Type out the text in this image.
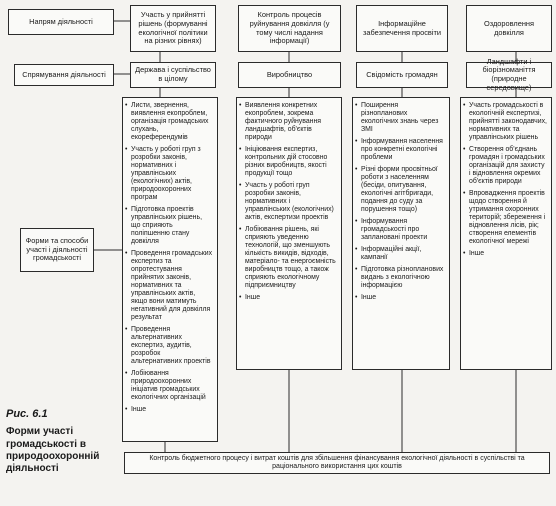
Напрям діяльності
Спрямування діяльності
Форми та способи участі і діяльності громадськості
Участь у прийнятті рішень (формуванні екологічної політики на різних рівнях)
Контроль процесів руйнування довкілля (у тому числі надання інформації)
Інформаційне забезпечення просвіти
Оздоровлення довкілля
Держава і суспільство в цілому	Виробництво	Свідомість громадян
Ландшафти і біорізноманіття (природне середовище)
• Листи, звернення, виявлення екопроблем, організація громадських слухань, екореферендумів
• Участь у роботі груп з розробки законів, нормативних і управлінських (екологічних) актів, природоохоронних програм
• Підготовка проектів управлінських рішень, що сприяють поліпшенню стану довкілля
• Проведення громадських експертиз та опротестування прийнятих законів, нормативних та управлінських актів, якщо вони матимуть негативний для довкілля результат
• Проведення альтернативних експертиз, аудитів, розробок альтернативних проектів
• Лобіювання природоохоронних ініціатив громадських екологічних організацій
• Інше
• Виявлення конкретних екопроблем, зокрема фактичного руйнування ландшафтів, об'єктів природи
• Ініціювання експертиз, контрольних дій стосовно різних виробництв, якості продукції тощо
• Участь у роботі груп розробки законів, нормативних і управлінських (екологічних) актів, експертизи проектів
• Лобіювання рішень, які сприяють уведенню технологій, що зменшують кількість викидів, відходів, матеріало- та енергоємність виробництв тощо, а також сприяють екологічному підприємництву
• Інше
• Поширення різнопланових екологічних знань через ЗМІ
• Інформування населення про конкретні екологічні проблеми
• Різні форми просвітньої роботи з населенням (бесіди, опитування, екологічні агітбригади, подання до суду за порушення тощо)
• Інформування громадськості про заплановані проекти
• Інформаційні акції, кампанії
• Підготовка різнопланових видань з екологічною інформацією
• Інше
• Участь громадськості в екологічній експертизі, прийнятті законодавчих, нормативних та управлінських рішень
• Створення об'єднань громадян і громадських організацій для захисту і відновлення окремих об'єктів природи
• Впровадження проектів щодо створення й утримання охоронних територій; збереження і відновлення лісів, рік; створення елементів екологічної мережі
• Інше
Контроль бюджетного процесу і витрат коштів для збільшення фінансування екологічної діяльності в суспільстві та раціонального використання цих коштів
Рис. 6.1
Форми участі громадськості в природоохоронній діяльності
